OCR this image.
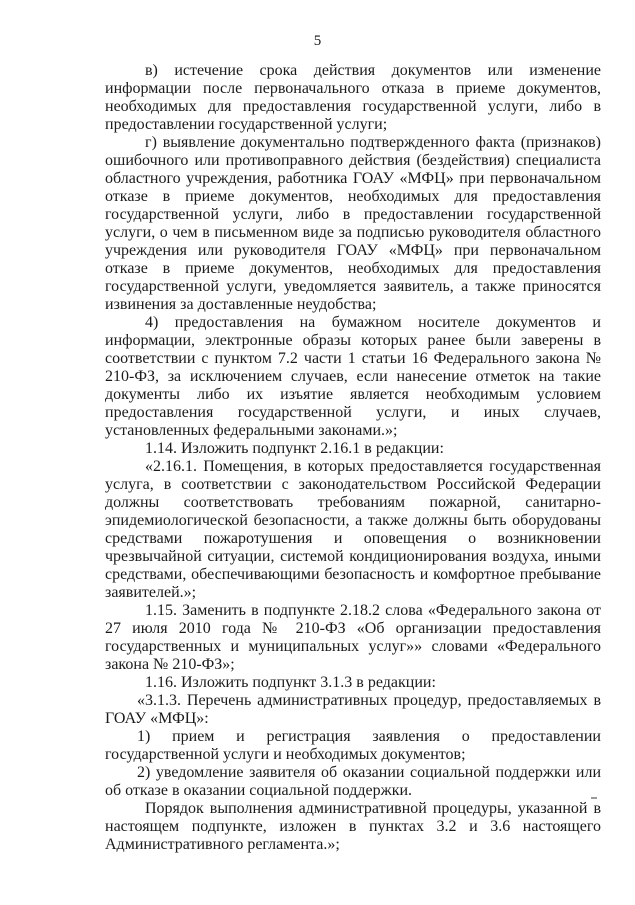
5

в) истечение срока действия документов или изменение информации после первоначального отказа в приеме документов, необходимых для предоставления государственной услуги, либо в предоставлении государственной услуги;

г) выявление документально подтвержденного факта (признаков) ошибочного или противоправного действия (бездействия) специалиста областного учреждения, работника ГОАУ «МФЦ» при первоначальном отказе в приеме документов, необходимых для предоставления государственной услуги, либо в предоставлении государственной услуги, о чем в письменном виде за подписью руководителя областного учреждения или руководителя ГОАУ «МФЦ» при первоначальном отказе в приеме документов, необходимых для предоставления государственной услуги, уведомляется заявитель, а также приносятся извинения за доставленные неудобства;

4) предоставления на бумажном носителе документов и информации, электронные образы которых ранее были заверены в соответствии с пунктом 7.2 части 1 статьи 16 Федерального закона № 210-ФЗ, за исключением случаев, если нанесение отметок на такие документы либо их изъятие является необходимым условием предоставления государственной услуги, и иных случаев, установленных федеральными законами.»;

1.14. Изложить подпункт 2.16.1 в редакции:

«2.16.1. Помещения, в которых предоставляется государственная услуга, в соответствии с законодательством Российской Федерации должны соответствовать требованиям пожарной, санитарно-эпидемиологической безопасности, а также должны быть оборудованы средствами пожаротушения и оповещения о возникновении чрезвычайной ситуации, системой кондиционирования воздуха, иными средствами, обеспечивающими безопасность и комфортное пребывание заявителей.»;

1.15. Заменить в подпункте 2.18.2 слова «Федерального закона от 27 июля 2010 года № 210-ФЗ «Об организации предоставления государственных и муниципальных услуг»» словами «Федерального закона № 210-ФЗ»;

1.16. Изложить подпункт 3.1.3 в редакции:

«3.1.3. Перечень административных процедур, предоставляемых в ГОАУ «МФЦ»:

1) прием и регистрация заявления о предоставлении государственной услуги и необходимых документов;

2) уведомление заявителя об оказании социальной поддержки или об отказе в оказании социальной поддержки.

Порядок выполнения административной процедуры, указанной в настоящем подпункте, изложен в пунктах 3.2 и 3.6 настоящего Административного регламента.»;
